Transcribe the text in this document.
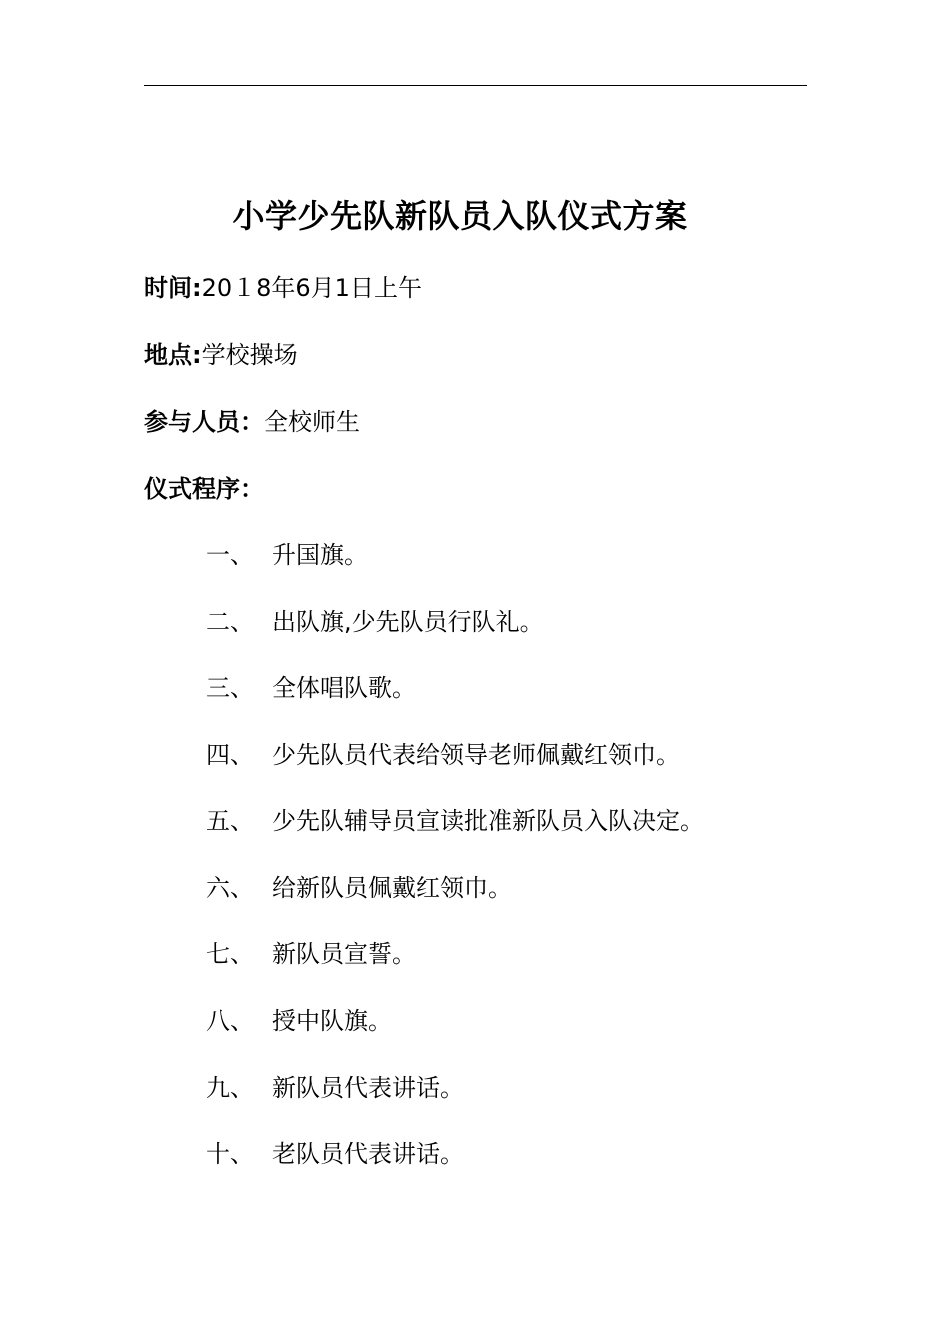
小学少先队新队员入队仪式方案
时间:20１8年6月1日上午
地点:学校操场
参与人员：全校师生
仪式程序：
一、 升国旗。
二、 出队旗,少先队员行队礼。
三、 全体唱队歌。
四、 少先队员代表给领导老师佩戴红领巾。
五、 少先队辅导员宣读批准新队员入队决定。
六、 给新队员佩戴红领巾。
七、 新队员宣誓。
八、 授中队旗。
九、 新队员代表讲话。
十、 老队员代表讲话。
